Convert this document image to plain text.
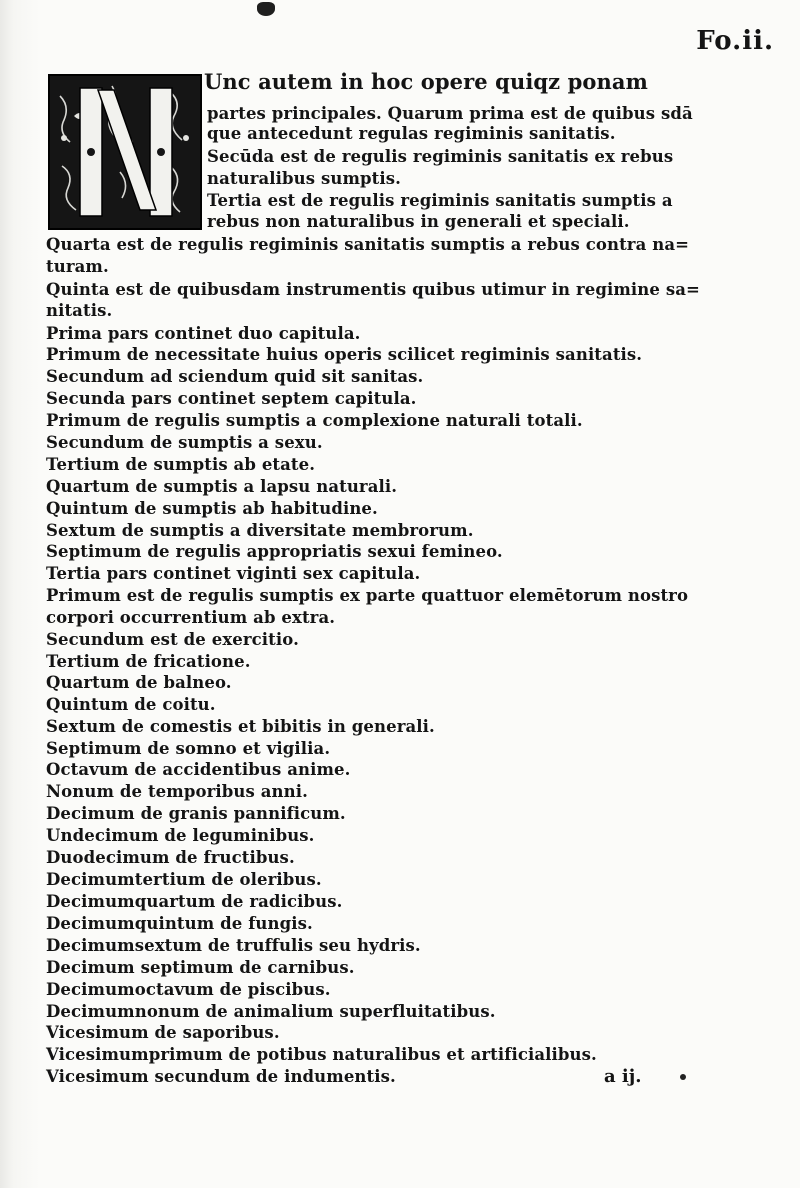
Fo.ii.
Unc autem in hoc opere quiqz ponam
partes principales. Quarum prima est de quibus sdā
que antecedunt regulas regiminis sanitatis.
Secūda est de regulis regiminis sanitatis ex rebus
naturalibus sumptis.
Tertia est de regulis regiminis sanitatis sumptis a
rebus non naturalibus in generali et speciali.
Quarta est de regulis regiminis sanitatis sumptis a rebus contra na=
turam.
Quinta est de quibusdam instrumentis quibus utimur in regimine sa=
nitatis.
Prima pars continet duo capitula.
Primum de necessitate huius operis scilicet regiminis sanitatis.
Secundum ad sciendum quid sit sanitas.
Secunda pars continet septem capitula.
Primum de regulis sumptis a complexione naturali totali.
Secundum de sumptis a sexu.
Tertium de sumptis ab etate.
Quartum de sumptis a lapsu naturali.
Quintum de sumptis ab habitudine.
Sextum de sumptis a diversitate membrorum.
Septimum de regulis appropriatis sexui femineo.
Tertia pars continet viginti sex capitula.
Primum est de regulis sumptis ex parte quattuor elemētorum nostro
corpori occurrentium ab extra.
Secundum est de exercitio.
Tertium de fricatione.
Quartum de balneo.
Quintum de coitu.
Sextum de comestis et bibitis in generali.
Septimum de somno et vigilia.
Octavum de accidentibus anime.
Nonum de temporibus anni.
Decimum de granis pannificum.
Undecimum de leguminibus.
Duodecimum de fructibus.
Decimumtertium de oleribus.
Decimumquartum de radicibus.
Decimumquintum de fungis.
Decimumsextum de truffulis seu hydris.
Decimum septimum de carnibus.
Decimumoctavum de piscibus.
Decimumnonum de animalium superfluitatibus.
Vicesimum de saporibus.
Vicesimumprimum de potibus naturalibus et artificialibus.
Vicesimum secundum de indumentis.	a ij.
